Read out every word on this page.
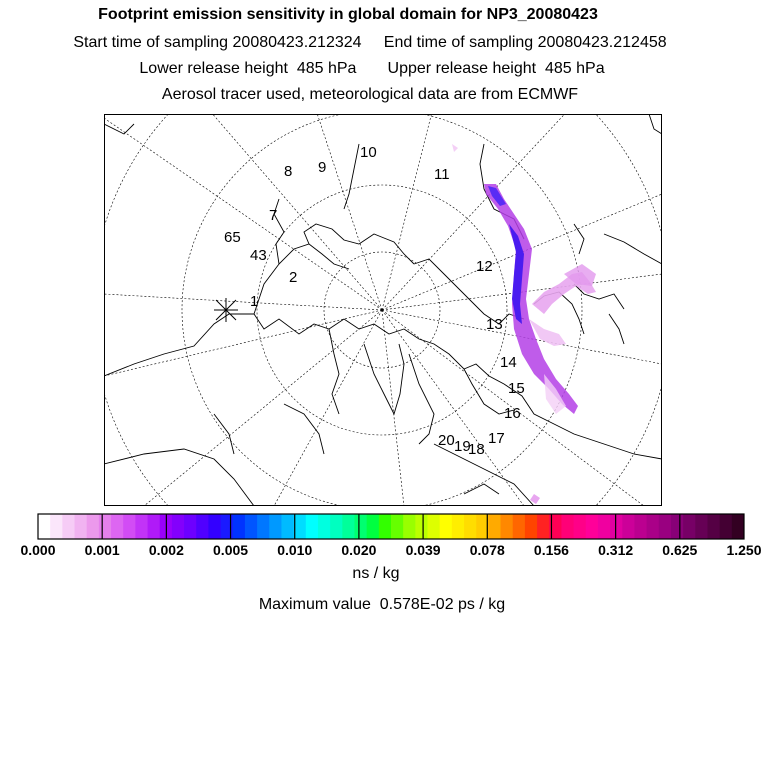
Footprint emission sensitivity in global domain for NP3_20080423
Start time of sampling 20080423.212324     End time of sampling 20080423.212458
Lower release height  485 hPa       Upper release height  485 hPa
Aerosol tracer used, meteorological data are from ECMWF
1
2
43
65
7
8 9
10
11
12
13
14
15
16
17
20 19
18
0.000 0.001 0.002 0.005 0.010 0.020 0.039 0.078 0.156 0.312 0.625 1.250
ns / kg
Maximum value  0.578E-02 ps / kg
